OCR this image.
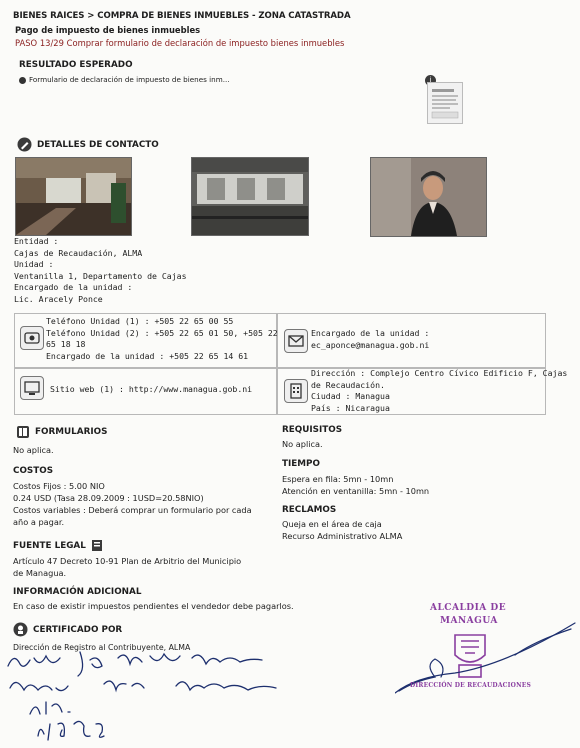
BIENES RAICES > COMPRA DE BIENES INMUEBLES - ZONA CATASTRADA
Pago de impuesto de bienes inmuebles
PASO 13/29 Comprar formulario de declaración de impuesto bienes inmuebles
RESULTADO ESPERADO
Formulario de declaración de impuesto de bienes inm...	i
DETALLES DE CONTACTO
Entidad :
Cajas de Recaudación, ALMA
Unidad :
Ventanilla 1, Departamento de Cajas
Encargado de la unidad :
Lic. Aracely Ponce
Teléfono Unidad (1) : +505 22 65 00 55
Teléfono Unidad (2) : +505 22 65 01 50, +505 22
65 18 18
Encargado de la unidad : +505 22 65 14 61
Encargado de la unidad :
ec_aponce@managua.gob.ni
Sitio web (1) : http://www.managua.gob.ni
Dirección : Complejo Centro Cívico Edificio F, Cajas
de Recaudación.
Ciudad : Managua
País : Nicaragua
FORMULARIOS
No aplica.
REQUISITOS
No aplica.
COSTOS
Costos Fijos : 5.00 NIO
0.24 USD (Tasa 28.09.2009 : 1USD=20.58NIO)
Costos variables : Deberá comprar un formulario por cada
año a pagar.
TIEMPO
Espera en fila: 5mn - 10mn
Atención en ventanilla: 5mn - 10mn
RECLAMOS
Queja en el área de caja
Recurso Administrativo ALMA
FUENTE LEGAL
Artículo 47 Decreto 10-91 Plan de Arbitrio del Municipio
de Managua.
INFORMACIÓN ADICIONAL
En caso de existir impuestos pendientes el vendedor debe pagarlos.
CERTIFICADO POR
Dirección de Registro al Contribuyente, ALMA
ALCALDIA DE
MANAGUA
DIRECCIÓN DE RECAUDACIONES
